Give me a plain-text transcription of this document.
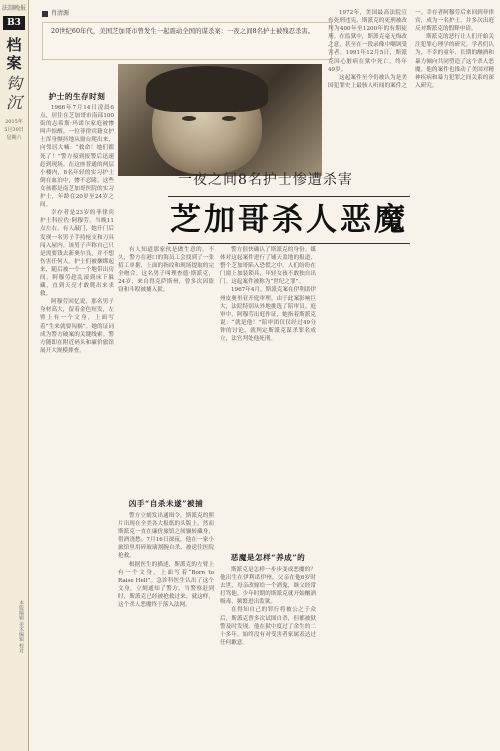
法制晚报
B3
档案
钩沉
2015年
5月30日
星期六
本版编辑 美术编辑 校对
肖清源
20世纪60年代，美国芝加哥市曾发生一起震动全国的谋杀案：一夜之间8名护士被残忍杀害。
一夜之间8名护士惨遭杀害
芝加哥杀人恶魔
护士的生存时刻

1966年7月14日凌晨6点，居住在芝加哥市南部100街的志希斯·玛诺尔家庭被惨叫声惊醒。一位菲律宾籍女护士浑身颤抖地从窗台爬出来，向邻居大喊：“救命！她们都死了！”警方接到报警后迅速赶到现场。在这座普通的两层小楼内，8名年轻的实习护士倒在血泊中，惨不忍睹。这些女孩都是南芝加哥医院的实习护士，年龄在20岁至24岁之间。

幸存者是23岁的菲律宾护士科拉佐·阿穆劳。当晚11点左右，有人敲门，她开门后发现一名男子手持枪支和刀具闯入屋内。该男子声称自己只是需要钱去新奥尔良，并不想伤害任何人。护士们被捆绑起来，随后被一个一个地带出房间。阿穆劳趁乱滚到床下躲藏，直到天亮才敢爬出来求救。

阿穆劳回忆说，那名男子身材高大，留着金色短发，左臂上有一个文身，上面写着“生来就要闯祸”。她的证词成为警方破案的关键线索。警方随即在附近码头和廉价旅馆展开大规模排查。

有人知道那家伙是做生意的。不久，警方在港口的海员工会找到了一张招工单据，上面的指纹和现场提取的完全吻合。这名男子叫理查德·斯派克，24岁，来自得克萨斯州，曾多次因盗窃和斗殴被捕入狱。

凶手“自杀未遂”被捕

警方立刻发出通缉令，斯派克的照片出现在全美各大报纸的头版上。然而斯派克一直在廉价旅馆之间辗转藏身，借酒浇愁。7月16日深夜，他在一家小旅馆里用碎玻璃割腕自杀，被送往医院抢救。

根据医生的描述，斯派克的左臂上有一个文身，上面写着“Born to Raise Hell”。急诊科医生认出了这个文身，立刻通知了警方。当警察赶到时，斯派克已经被抢救过来。就这样，这个杀人恶魔终于落入法网。

警方很快确认了斯派克的身份。媒体对这起案件进行了铺天盖地的报道，整个芝加哥陷入恐慌之中。人们纷纷在门窗上加装锁具，年轻女孩不敢独自出门。这起案件被称为“世纪之罪”。

1967年4月，斯派克案在伊利诺伊州皮奥里亚开庭审理。由于此案影响巨大，法院特别从外地挑选了陪审员。庭审中，阿穆劳出庭作证，她指着斯派克说：“就是他！”陪审团仅仅经过49分钟的讨论，就判定斯派克谋杀罪名成立，法官判处他死刑。

恶魔是怎样“养成”的

斯派克是怎样一步步变成恶魔的？他出生在伊利诺伊州，父亲在他6岁时去世，母亲改嫁给一个酒鬼，继父经常打骂他。少年时期的斯派克就开始酗酒吸毒，频繁进出监狱。

在得知自己的罪行将被公之于众后，斯派克曾多次试图自杀，但都被狱警及时发现。他在狱中度过了余生的二十多年，始终没有对受害者家属表达过任何歉意。

1972年，美国最高法院宣布死刑违宪，斯派克的死刑被改判为400年至1200年的有期徒刑。在监狱中，斯派克毫无悔改之意，甚至在一段录像中嘲讽受害者。1991年12月5日，斯派克因心脏病在狱中死亡，终年49岁。

这起案件至今仍被认为是美国犯罪史上最骇人听闻的案件之一。幸存者阿穆劳后来回到菲律宾，成为一名护士，并多次出庭反对斯派克的假释申请。

斯派克的恶行让人们开始关注犯罪心理学的研究。学者们认为，不幸的童年、长期的酗酒和暴力倾向共同塑造了这个杀人恶魔。他的案件也推动了美国对精神疾病和暴力犯罪之间关系的深入研究。
